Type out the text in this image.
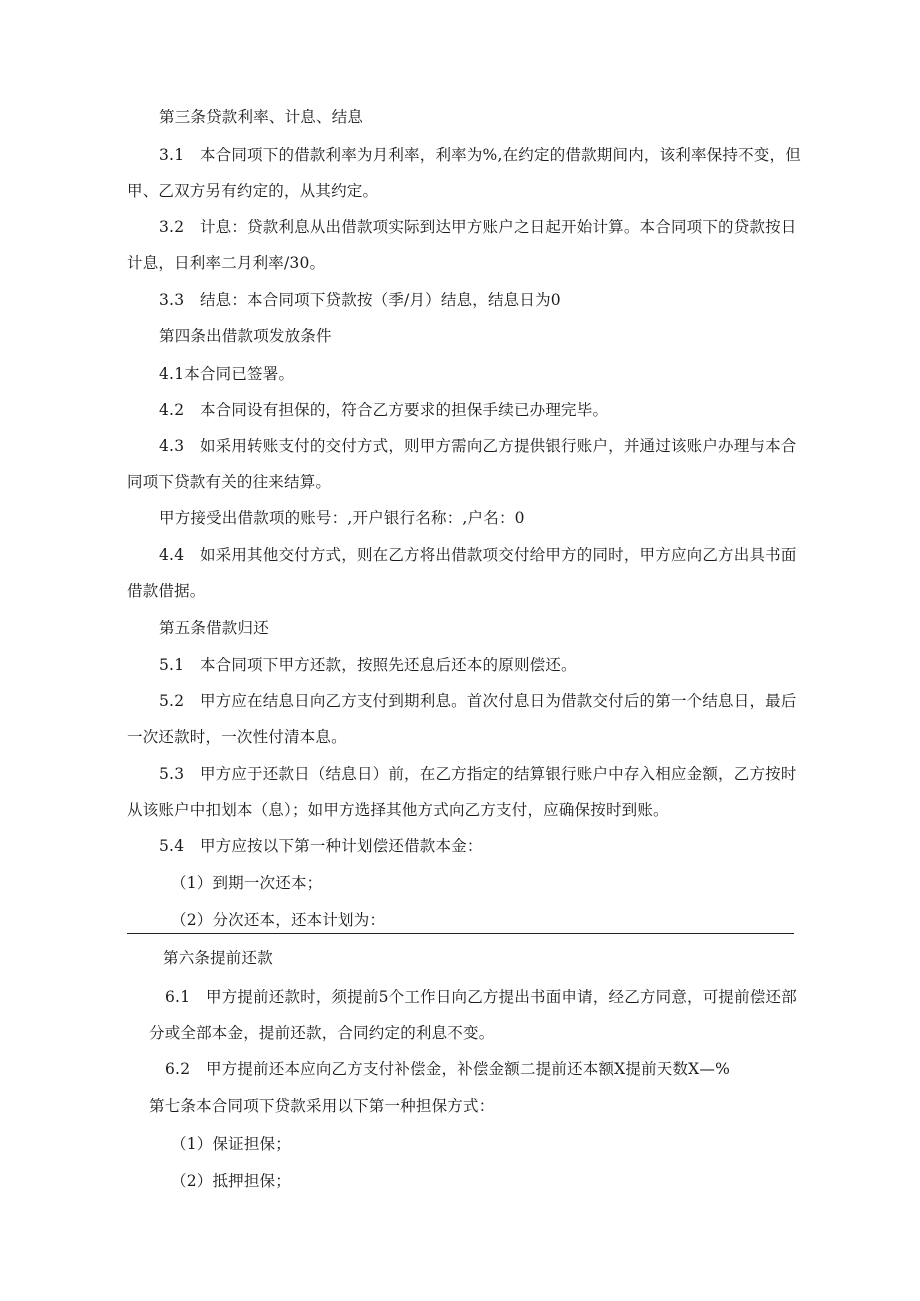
第三条贷款利率、计息、结息
3.1　本合同项下的借款利率为月利率，利率为%,在约定的借款期间内，该利率保持不变，但
甲、乙双方另有约定的，从其约定。
3.2　计息：贷款利息从出借款项实际到达甲方账户之日起开始计算。本合同项下的贷款按日
计息，日利率二月利率/30。
3.3　结息：本合同项下贷款按（季/月）结息，结息日为0
第四条出借款项发放条件
4.1本合同已签署。
4.2　本合同设有担保的，符合乙方要求的担保手续已办理完毕。
4.3　如采用转账支付的交付方式，则甲方需向乙方提供银行账户，并通过该账户办理与本合
同项下贷款有关的往来结算。
甲方接受出借款项的账号：,开户银行名称：,户名：0
4.4　如采用其他交付方式，则在乙方将出借款项交付给甲方的同时，甲方应向乙方出具书面
借款借据。
第五条借款归还
5.1　本合同项下甲方还款，按照先还息后还本的原则偿还。
5.2　甲方应在结息日向乙方支付到期利息。首次付息日为借款交付后的第一个结息日，最后
一次还款时，一次性付清本息。
5.3　甲方应于还款日（结息日）前，在乙方指定的结算银行账户中存入相应金额，乙方按时
从该账户中扣划本（息）；如甲方选择其他方式向乙方支付，应确保按时到账。
5.4　甲方应按以下第一种计划偿还借款本金：
（1）到期一次还本；
（2）分次还本，还本计划为：
第六条提前还款
6.1　甲方提前还款时，须提前5个工作日向乙方提出书面申请，经乙方同意，可提前偿还部
分或全部本金，提前还款，合同约定的利息不变。
6.2　甲方提前还本应向乙方支付补偿金，补偿金额二提前还本额X提前天数X—%
第七条本合同项下贷款采用以下第一种担保方式：
（1）保证担保；
（2）抵押担保；
